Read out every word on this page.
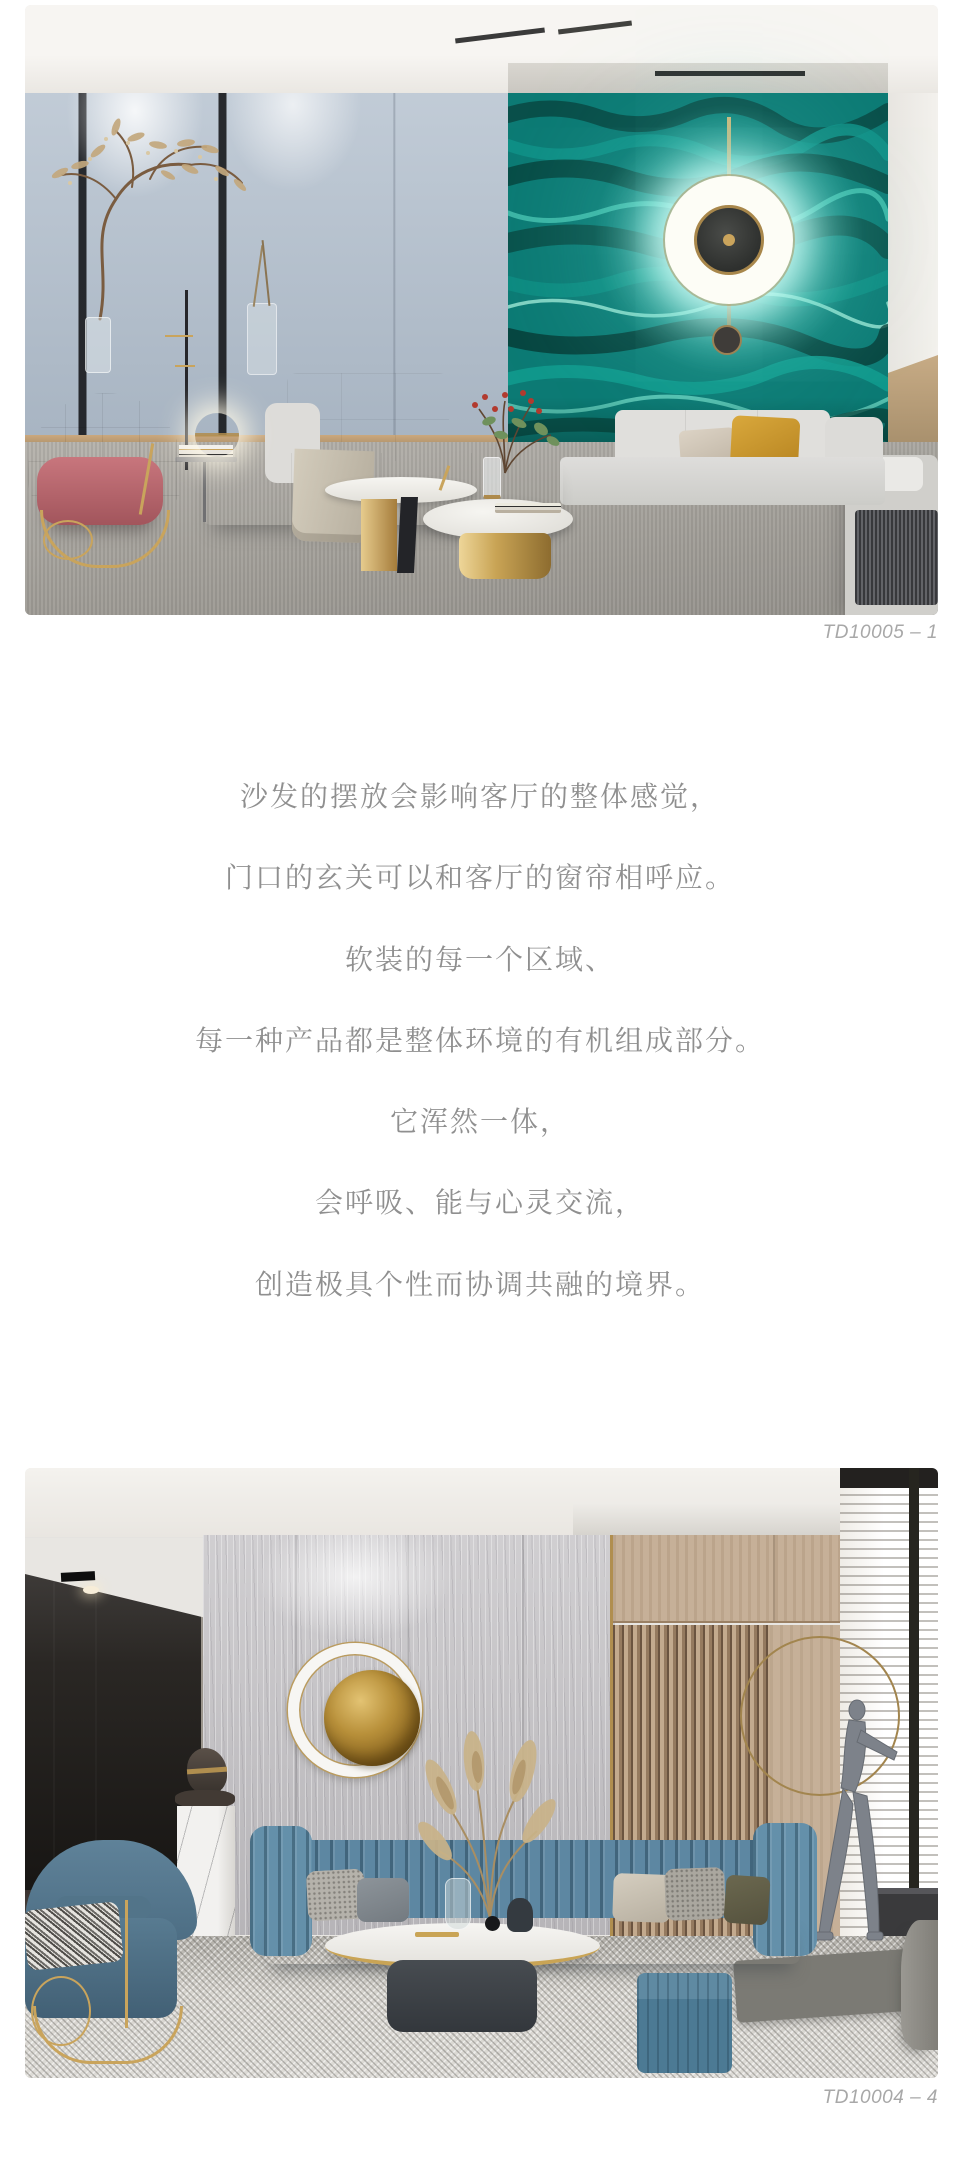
TD10005 – 1

沙发的摆放会影响客厅的整体感觉，

门口的玄关可以和客厅的窗帘相呼应。

软装的每一个区域、

每一种产品都是整体环境的有机组成部分。

它浑然一体，

会呼吸、能与心灵交流，

创造极具个性而协调共融的境界。

TD10004 – 4
